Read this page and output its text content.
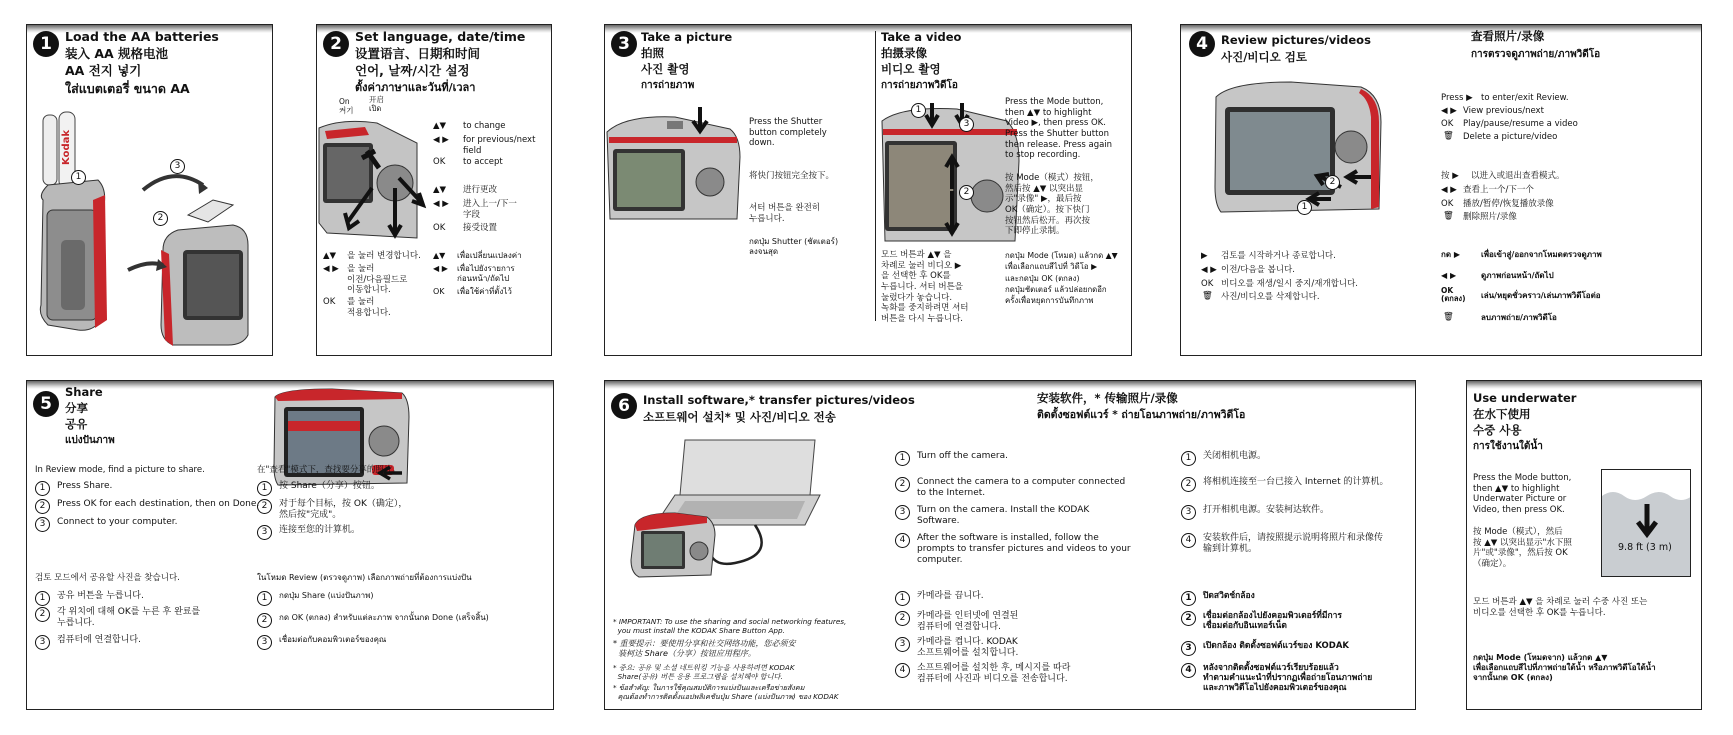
1	Load the AA batteries
装入 AA 规格电池
AA 전지 넣기
ใส่แบตเตอรี่ ขนาด AA
Kodak
1
2
3
2	Set language, date/time
设置语言、日期和时间
언어, 날짜/시간 설정
ตั้งค่าภาษาและวันที่/เวลา
On
켜기
开启
เปิด
▲▼ to change
◀ ▶ for previous/next
field
OK to accept
▲▼ 进行更改
◀ ▶ 进入上一/下一
字段
OK 接受设置
▲▼ 을 눌러 변경합니다.
◀ ▶ 을 눌러
이전/다음필드로
이동합니다.
OK 를 눌러
적용합니다.
▲▼ เพื่อเปลี่ยนแปลงค่า
◀ ▶ เพื่อไปยังรายการ
ก่อนหน้า/ถัดไป
OK เพื่อใช้ค่าที่ตั้งไว้
3 Take a picture
拍照
사진 촬영
การถ่ายภาพ
Take a video
拍摄录像
비디오 촬영
การถ่ายภาพวิดีโอ
Press the Shutter
button completely
down.
将快门按钮完全按下。
셔터 버튼을 완전히
누릅니다.
กดปุ่ม Shutter (ชัตเตอร์)
ลงจนสุด
1
2
3
Press the Mode button,
then ▲▼ to highlight
Video ▶, then press OK.
Press the Shutter button
then release. Press again
to stop recording.
按 Mode（模式）按钮，
然后按 ▲▼ 以突出显
示"录像" ▶，最后按
OK（确定）。按下快门
按钮然后松开。再次按
下即停止录制。
모드 버튼과 ▲▼ 을
차례로 눌러 비디오 ▶
을 선택한 후 OK를
누릅니다. 셔터 버튼을
눌렀다가 놓습니다.
녹화를 중지하려면 셔터
버튼을 다시 누릅니다.
กดปุ่ม Mode (โหมด) แล้วกด ▲▼
เพื่อเลือกแถบสีไปที่ วิดีโอ ▶
และกดปุ่ม OK (ตกลง)
กดปุ่มชัตเตอร์ แล้วปล่อยกดอีก
ครั้งเพื่อหยุดการบันทึกภาพ
4	Review pictures/videos
사진/비디오 검토
查看照片/录像
การตรวจดูภาพถ่าย/ภาพวิดีโอ
1
2
Press ▶ to enter/exit Review.
◀ ▶ View previous/next
OK Play/pause/resume a video
🗑 Delete a picture/video
按 ▶ 以进入或退出查看模式。
◀ ▶ 查看上一个/下一个
OK 播放/暂停/恢复播放录像
🗑 删除照片/录像
▶ 검토를 시작하거나 종료합니다.
◀ ▶ 이전/다음을 봅니다.
OK 비디오를 재생/일시 중지/재개합니다.
🗑 사진/비디오를 삭제합니다.
กด ▶	เพื่อเข้าสู่/ออกจากโหมดตรวจดูภาพ
◀ ▶	ดูภาพก่อนหน้า/ถัดไป
OK
(ตกลง) เล่น/หยุดชั่วคราว/เล่นภาพวิดีโอต่อ
🗑	ลบภาพถ่าย/ภาพวิดีโอ
5
Share
分享
공유
แบ่งปันภาพ
In Review mode, find a picture to share.
1	Press Share.
2	Press OK for each destination, then on Done.
3	Connect to your computer.
在"查看"模式下，查找要分享的照片。
1	按 Share（分享）按钮。
2	对于每个目标，按 OK（确定），
然后按"完成"。
3	连接至您的计算机。
검토 모드에서 공유할 사진을 찾습니다.
1	공유 버튼을 누릅니다.
2	각 위치에 대해 OK를 누른 후 완료를
누릅니다.
3	컴퓨터에 연결합니다.
ในโหมด Review (ตรวจดูภาพ) เลือกภาพถ่ายที่ต้องการแบ่งปัน
1	กดปุ่ม Share (แบ่งปันภาพ)
2	กด OK (ตกลง) สำหรับแต่ละภาพ จากนั้นกด Done (เสร็จสิ้น)
3	เชื่อมต่อกับคอมพิวเตอร์ของคุณ
6	Install software,* transfer pictures/videos
소프트웨어 설치* 및 사진/비디오 전송
安装软件，* 传输照片/录像
ติดตั้งซอฟต์แวร์ * ถ่ายโอนภาพถ่าย/ภาพวิดีโอ
* IMPORTANT: To use the sharing and social networking features,
you must install the KODAK Share Button App.
* 重要提示：要使用分享和社交网络功能，您必须安
装柯达 Share（分享）按钮应用程序。
* 중요: 공유 및 소셜 네트워킹 기능을 사용하려면 KODAK
Share(공유) 버튼 응용 프로그램을 설치해야 합니다.
* ข้อสำคัญ: ในการใช้คุณสมบัติการแบ่งปันและเครือข่ายสังคม
คุณต้องทำการติดตั้งแอปพลิเคชันปุ่ม Share (แบ่งปันภาพ) ของ KODAK
1	Turn off the camera.
2	Connect the camera to a computer connected
to the Internet.
3	Turn on the camera. Install the KODAK
Software.
4	After the software is installed, follow the
prompts to transfer pictures and videos to your
computer.
1	关闭相机电源。
2	将相机连接至一台已接入 Internet 的计算机。
3	打开相机电源。安装柯达软件。
4	安装软件后，请按照提示说明将照片和录像传
输到计算机。
1	카메라를 끕니다.
2	카메라를 인터넷에 연결된
컴퓨터에 연결합니다.
3	카메라를 켭니다. KODAK
소프트웨어를 설치합니다.
4	소프트웨어를 설치한 후, 메시지를 따라
컴퓨터에 사진과 비디오를 전송합니다.
1	ปิดสวิตช์กล้อง
2	เชื่อมต่อกล้องไปยังคอมพิวเตอร์ที่มีการ
เชื่อมต่อกับอินเทอร์เน็ต
3	เปิดกล้อง ติดตั้งซอฟต์แวร์ของ KODAK
4	หลังจากติดตั้งซอฟต์แวร์เรียบร้อยแล้ว
ทำตามคำแนะนำที่ปรากฏเพื่อถ่ายโอนภาพถ่าย
และภาพวิดีโอไปยังคอมพิวเตอร์ของคุณ
Use underwater
在水下使用
수중 사용
การใช้งานใต้น้ำ
Press the Mode button,
then ▲▼ to highlight
Underwater Picture or
Video, then press OK.
按 Mode（模式），然后
按 ▲▼ 以突出显示"水下照
片"或"录像"，然后按 OK
（确定）。
9.8 ft (3 m)
모드 버튼과 ▲▼ 을 차례로 눌러 수중 사진 또는
비디오를 선택한 후 OK를 누릅니다.
กดปุ่ม Mode (โหมดจาก) แล้วกด ▲▼
เพื่อเลือกแถบสีไปที่ภาพถ่ายใต้น้ำ หรือภาพวิดีโอใต้น้ำ
จากนั้นกด OK (ตกลง)
